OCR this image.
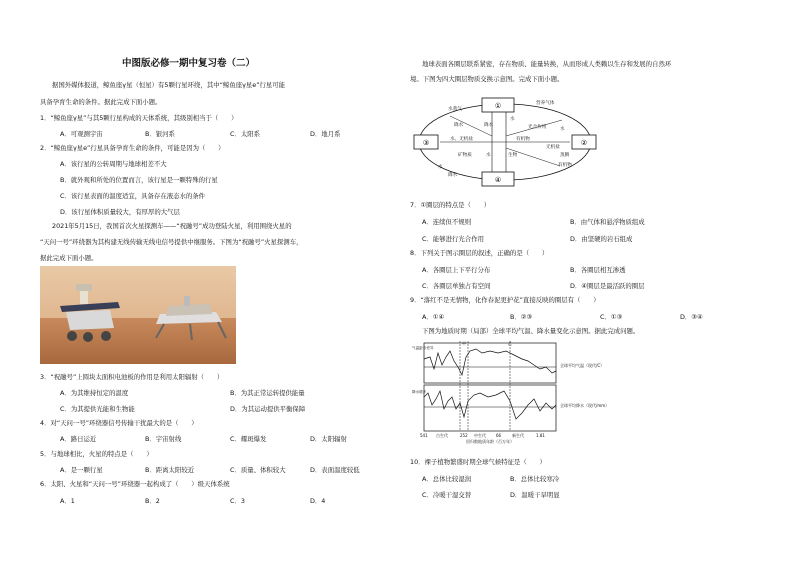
中图版必修一期中复习卷（二）
据国外媒体报道，鲸鱼座γ星（恒星）有5颗行星环绕，其中“鲸鱼座γ星e”行星可能
具备孕育生命的条件。据此完成下面小题。
1．“鲸鱼座γ星”与其5颗行星构成的天体系统，其级别相当于（　　）
A．可观测宇宙	B．银河系	C．太阳系	D．地月系
2．“鲸鱼座γ星e”行星具备孕育生命的条件，可能是因为（　　）
A．该行星的公转周期与地球相差不大
B．就外观和所处的位置而言，该行星是一颗特殊的行星
C．该行星表面的温度适宜，具备存在液态水的条件
D．该行星体积质量较大，有厚厚的大气层
2021年5月15日，我国首次火星探测车——“祝融号”成功登陆火星，利用围绕火星的
“天问一号”环绕器为其构建无线传输无线电信号提供中继服务。下图为“祝融号”火星探测车，
据此完成下面小题。
3．“祝融号”上圆块太面积电池板的作用是利用太阳辐射（　　）
A．为其维持恒定的温度	B．为其正常运转提供能量
C．为其提供光能和生物能	D．为其运动提供平衡保障
4．对“天问一号”环绕器信号传输干扰最大的是（　　）
A．路日运近	B．宇宙射线	C．耀斑爆发	D．太阳辐射
5．与地球相比，火星的特点是（　　）
A．是一颗行星	B．距离太阳较近	C．质量、体积较大	D．表面温度较低
6．太阳、火星和“天问一号”环绕器一起构成了（　　）级天体系统
A．1	B．2	C．3	D．4
地球表面各圈层联系紧密，存在物质、能量转换，从而形成人类赖以生存和发展的自然环
境。下图为四大圈层物质交换示意图。完成下面小题。
①
②
③
④
水蒸气
降水
营养气体
降水
水
光合作用	水
水、无机盐	有机物
无机盐
蒸腾
有机物
矿物质
水
水	生物
降水
7．①圈层的特点是（　　）
A．连续但不规则	B．由气体和悬浮物质组成
C．能够进行光合作用	D．由坚硬的岩石组成
8．下列关于图示圈层的叙述，正确的是（　　）
A．各圈层上下平行分布	B．各圈层相互渗透
C．各圈层单独占有空间	D．④圈层是最活跃的圈层
9．“落红不是无情物，化作春泥更护花”直接反映的圈层有（　　）
A．①④	B．②③	C．①③	D．③④
下图为地质时期（局部）全球平均气温、降水量变化示意图。据此完成问题。
气温距今差异
降水增多
全球平均气温（现代/C）
全球平均降水（现代/mm）
甲	乙
541 古生代	252 中生代	66	新生代	1.81
回归数地质年龄（百万年）
10．裸子植物繁盛时期全球气候特征是（　　）
A．总体比较湿润	B．总体比较寒冷
C．冷暖干湿交替	D．温暖干旱明显
